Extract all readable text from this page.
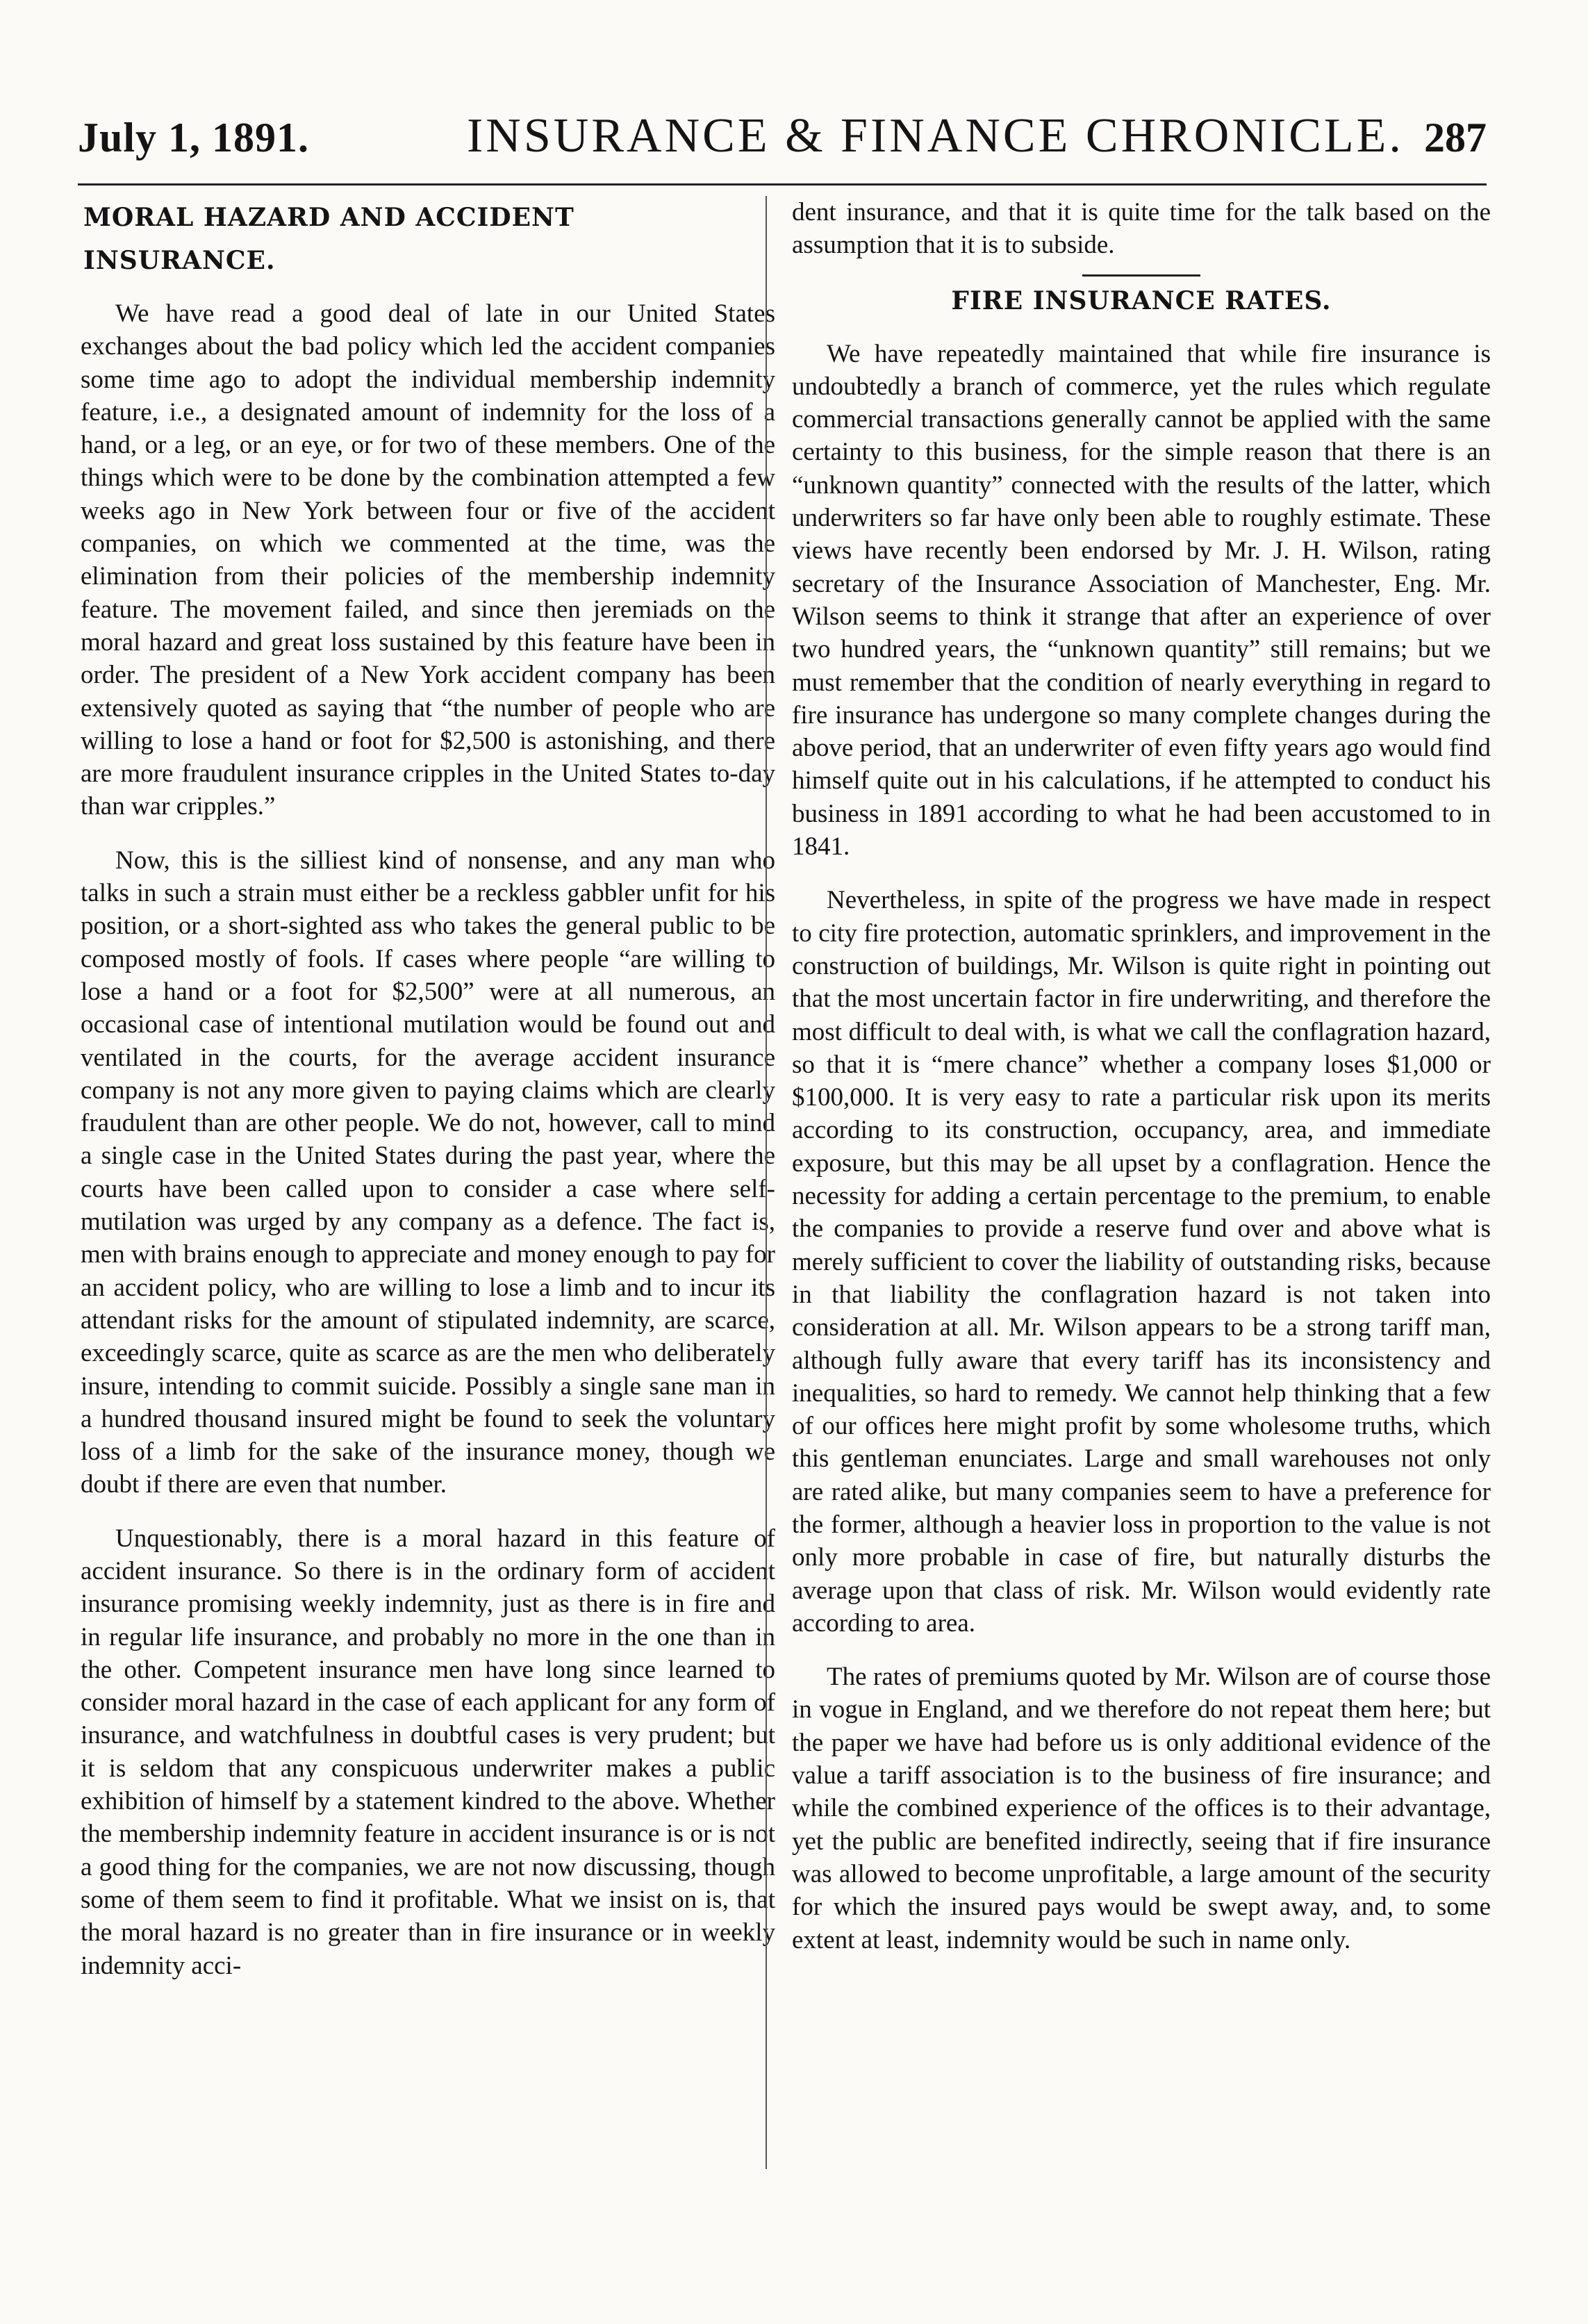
July 1, 1891.	INSURANCE & FINANCE CHRONICLE. 287
MORAL HAZARD AND ACCIDENT INSURANCE.

We have read a good deal of late in our United States exchanges about the bad policy which led the accident companies some time ago to adopt the individual membership indemnity feature, i.e., a designated amount of indemnity for the loss of a hand, or a leg, or an eye, or for two of these members. One of the things which were to be done by the combination attempted a few weeks ago in New York between four or five of the accident companies, on which we commented at the time, was the elimination from their policies of the membership indemnity feature. The movement failed, and since then jeremiads on the moral hazard and great loss sustained by this feature have been in order. The president of a New York accident company has been extensively quoted as saying that “the number of people who are willing to lose a hand or foot for $2,500 is astonishing, and there are more fraudulent insurance cripples in the United States to-day than war cripples.”

Now, this is the silliest kind of nonsense, and any man who talks in such a strain must either be a reckless gabbler unfit for his position, or a short-sighted ass who takes the general public to be composed mostly of fools. If cases where people “are willing to lose a hand or a foot for $2,500” were at all numerous, an occasional case of intentional mutilation would be found out and ventilated in the courts, for the average accident insurance company is not any more given to paying claims which are clearly fraudulent than are other people. We do not, however, call to mind a single case in the United States during the past year, where the courts have been called upon to consider a case where self-mutilation was urged by any company as a defence. The fact is, men with brains enough to appreciate and money enough to pay for an accident policy, who are willing to lose a limb and to incur its attendant risks for the amount of stipulated indemnity, are scarce, exceedingly scarce, quite as scarce as are the men who deliberately insure, intending to commit suicide. Possibly a single sane man in a hundred thousand insured might be found to seek the voluntary loss of a limb for the sake of the insurance money, though we doubt if there are even that number.

Unquestionably, there is a moral hazard in this feature of accident insurance. So there is in the ordinary form of accident insurance promising weekly indemnity, just as there is in fire and in regular life insurance, and probably no more in the one than in the other. Competent insurance men have long since learned to consider moral hazard in the case of each applicant for any form of insurance, and watchfulness in doubtful cases is very prudent; but it is seldom that any conspicuous underwriter makes a public exhibition of himself by a statement kindred to the above. Whether the membership indemnity feature in accident insurance is or is not a good thing for the companies, we are not now discussing, though some of them seem to find it profitable. What we insist on is, that the moral hazard is no greater than in fire insurance or in weekly indemnity acci-

dent insurance, and that it is quite time for the talk based on the assumption that it is to subside.

FIRE INSURANCE RATES.

We have repeatedly maintained that while fire insurance is undoubtedly a branch of commerce, yet the rules which regulate commercial transactions generally cannot be applied with the same certainty to this business, for the simple reason that there is an “unknown quantity” connected with the results of the latter, which underwriters so far have only been able to roughly estimate. These views have recently been endorsed by Mr. J. H. Wilson, rating secretary of the Insurance Association of Manchester, Eng. Mr. Wilson seems to think it strange that after an experience of over two hundred years, the “unknown quantity” still remains; but we must remember that the condition of nearly everything in regard to fire insurance has undergone so many complete changes during the above period, that an underwriter of even fifty years ago would find himself quite out in his calculations, if he attempted to conduct his business in 1891 according to what he had been accustomed to in 1841.

Nevertheless, in spite of the progress we have made in respect to city fire protection, automatic sprinklers, and improvement in the construction of buildings, Mr. Wilson is quite right in pointing out that the most uncertain factor in fire underwriting, and therefore the most difficult to deal with, is what we call the conflagration hazard, so that it is “mere chance” whether a company loses $1,000 or $100,000. It is very easy to rate a particular risk upon its merits according to its construction, occupancy, area, and immediate exposure, but this may be all upset by a conflagration. Hence the necessity for adding a certain percentage to the premium, to enable the companies to provide a reserve fund over and above what is merely sufficient to cover the liability of outstanding risks, because in that liability the conflagration hazard is not taken into consideration at all. Mr. Wilson appears to be a strong tariff man, although fully aware that every tariff has its inconsistency and inequalities, so hard to remedy. We cannot help thinking that a few of our offices here might profit by some wholesome truths, which this gentleman enunciates. Large and small warehouses not only are rated alike, but many companies seem to have a preference for the former, although a heavier loss in proportion to the value is not only more probable in case of fire, but naturally disturbs the average upon that class of risk. Mr. Wilson would evidently rate according to area.

The rates of premiums quoted by Mr. Wilson are of course those in vogue in England, and we therefore do not repeat them here; but the paper we have had before us is only additional evidence of the value a tariff association is to the business of fire insurance; and while the combined experience of the offices is to their advantage, yet the public are benefited indirectly, seeing that if fire insurance was allowed to become unprofitable, a large amount of the security for which the insured pays would be swept away, and, to some extent at least, indemnity would be such in name only.
